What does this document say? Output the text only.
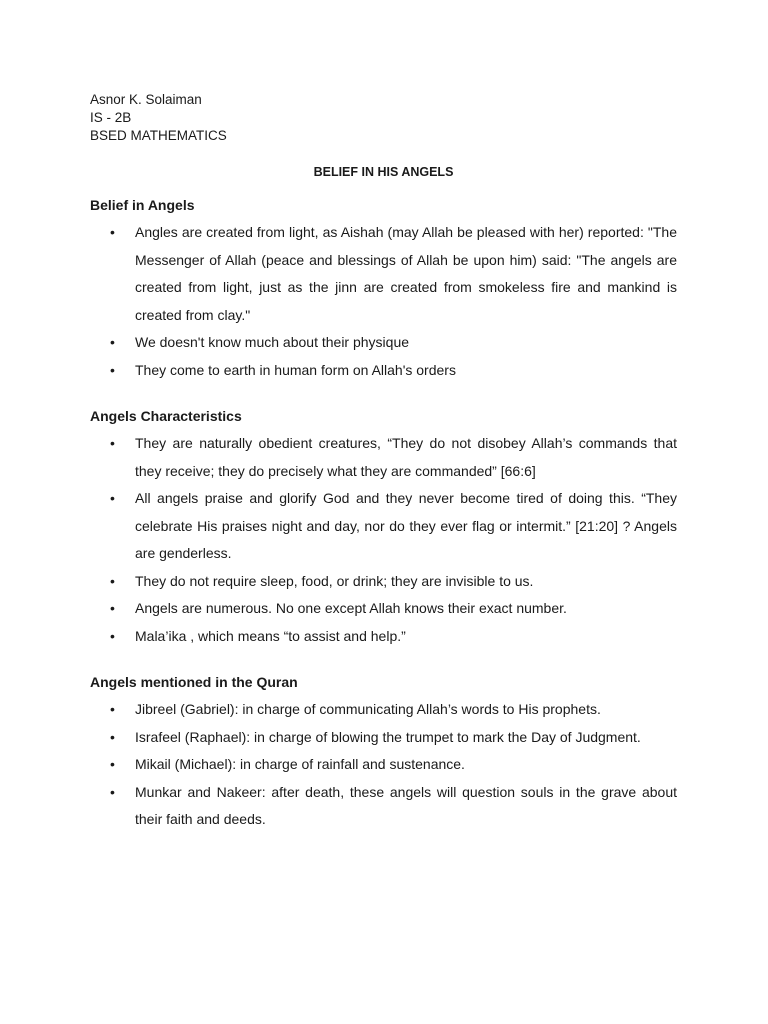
Asnor K. Solaiman
IS - 2B
BSED MATHEMATICS
BELIEF IN HIS ANGELS
Belief in Angels
• Angles are created from light, as Aishah (may Allah be pleased with her) reported: "The Messenger of Allah (peace and blessings of Allah be upon him) said: "The angels are created from light, just as the jinn are created from smokeless fire and mankind is created from clay."
• We doesn't know much about their physique
• They come to earth in human form on Allah's orders
Angels Characteristics
• They are naturally obedient creatures, “They do not disobey Allah’s commands that they receive; they do precisely what they are commanded” [66:6]
• All angels praise and glorify God and they never become tired of doing this. “They celebrate His praises night and day, nor do they ever flag or intermit.” [21:20] ? Angels are genderless.
• They do not require sleep, food, or drink; they are invisible to us.
• Angels are numerous. No one except Allah knows their exact number.
• Mala’ika , which means “to assist and help.”
Angels mentioned in the Quran
• Jibreel (Gabriel): in charge of communicating Allah’s words to His prophets.
• Israfeel (Raphael): in charge of blowing the trumpet to mark the Day of Judgment.
• Mikail (Michael): in charge of rainfall and sustenance.
• Munkar and Nakeer: after death, these angels will question souls in the grave about their faith and deeds.
